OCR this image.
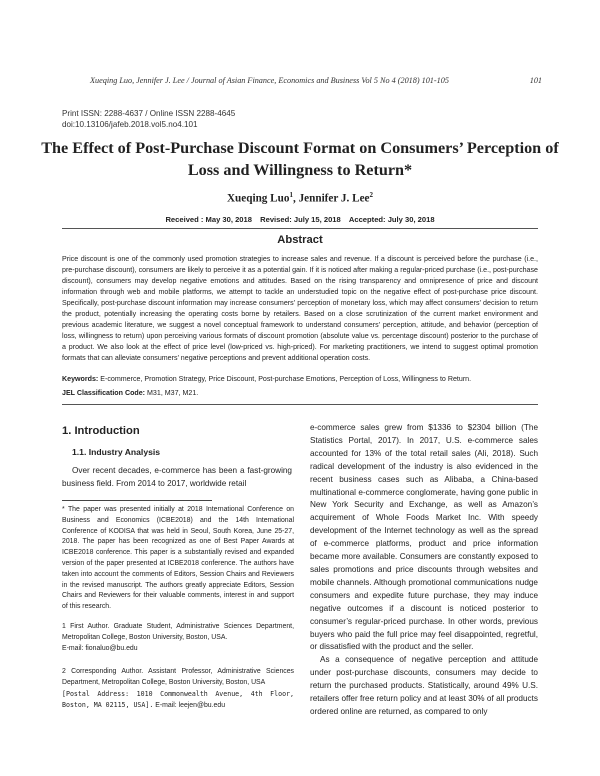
Xueqing Luo, Jennifer J. Lee / Journal of Asian Finance, Economics and Business Vol 5 No 4 (2018) 101-105	101
Print ISSN: 2288-4637 / Online ISSN 2288-4645
doi:10.13106/jafeb.2018.vol5.no4.101
The Effect of Post-Purchase Discount Format on Consumers’ Perception of Loss and Willingness to Return*
Xueqing Luo$^1$, Jennifer J. Lee$^2$
Received : May 30, 2018 Revised: July 15, 2018 Accepted: July 30, 2018
Abstract
Price discount is one of the commonly used promotion strategies to increase sales and revenue. If a discount is perceived before the purchase (i.e., pre-purchase discount), consumers are likely to perceive it as a potential gain. If it is noticed after making a regular-priced purchase (i.e., post-purchase discount), consumers may develop negative emotions and attitudes. Based on the rising transparency and omnipresence of price and discount information through web and mobile platforms, we attempt to tackle an understudied topic on the negative effect of post-purchase price discount. Specifically, post-purchase discount information may increase consumers’ perception of monetary loss, which may affect consumers’ decision to return the product, potentially increasing the operating costs borne by retailers. Based on a close scrutinization of the current market environment and previous academic literature, we suggest a novel conceptual framework to understand consumers’ perception, attitude, and behavior (perception of loss, willingness to return) upon perceiving various formats of discount promotion (absolute value vs. percentage discount) posterior to the purchase of a product. We also look at the effect of price level (low-priced vs. high-priced). For marketing practitioners, we intend to suggest optimal promotion formats that can alleviate consumers’ negative perceptions and prevent additional operation costs.
Keywords: E-commerce, Promotion Strategy, Price Discount, Post-purchase Emotions, Perception of Loss, Willingness to Return.
JEL Classification Code: M31, M37, M21.
1. Introduction
1.1. Industry Analysis
Over recent decades, e-commerce has been a fast-growing business field. From 2014 to 2017, worldwide retail
* The paper was presented initially at 2018 International Conference on Business and Economics (ICBE2018) and the 14th International Conference of KODISA that was held in Seoul, South Korea, June 25-27, 2018. The paper has been recognized as one of Best Paper Awards at ICBE2018 conference. This paper is a substantially revised and expanded version of the paper presented at ICBE2018 conference. The authors have taken into account the comments of Editors, Session Chairs and Reviewers in the revised manuscript. The authors greatly appreciate Editors, Session Chairs and Reviewers for their valuable comments, interest in and support of this research.
1 First Author. Graduate Student, Administrative Sciences Department, Metropolitan College, Boston University, Boston, USA.
E-mail: fionaluo@bu.edu
2 Corresponding Author. Assistant Professor, Administrative Sciences Department, Metropolitan College, Boston University, Boston, USA
[Postal Address: 1010 Commonwealth Avenue, 4th Floor, Boston, MA 02115, USA]. E-mail: leejen@bu.edu

e-commerce sales grew from $1336 to $2304 billion (The Statistics Portal, 2017). In 2017, U.S. e-commerce sales accounted for 13% of the total retail sales (Ali, 2018). Such radical development of the industry is also evidenced in the recent business cases such as Alibaba, a China-based multinational e-commerce conglomerate, having gone public in New York Security and Exchange, as well as Amazon’s acquirement of Whole Foods Market Inc. With speedy development of the Internet technology as well as the spread of e-commerce platforms, product and price information became more available. Consumers are constantly exposed to sales promotions and price discounts through websites and mobile channels. Although promotional communications nudge consumers and expedite future purchase, they may induce negative outcomes if a discount is noticed posterior to consumer’s regular-priced purchase. In other words, previous buyers who paid the full price may feel disappointed, regretful, or dissatisfied with the product and the seller.

As a consequence of negative perception and attitude under post-purchase discounts, consumers may decide to return the purchased products. Statistically, around 49% U.S. retailers offer free return policy and at least 30% of all products ordered online are returned, as compared to only
